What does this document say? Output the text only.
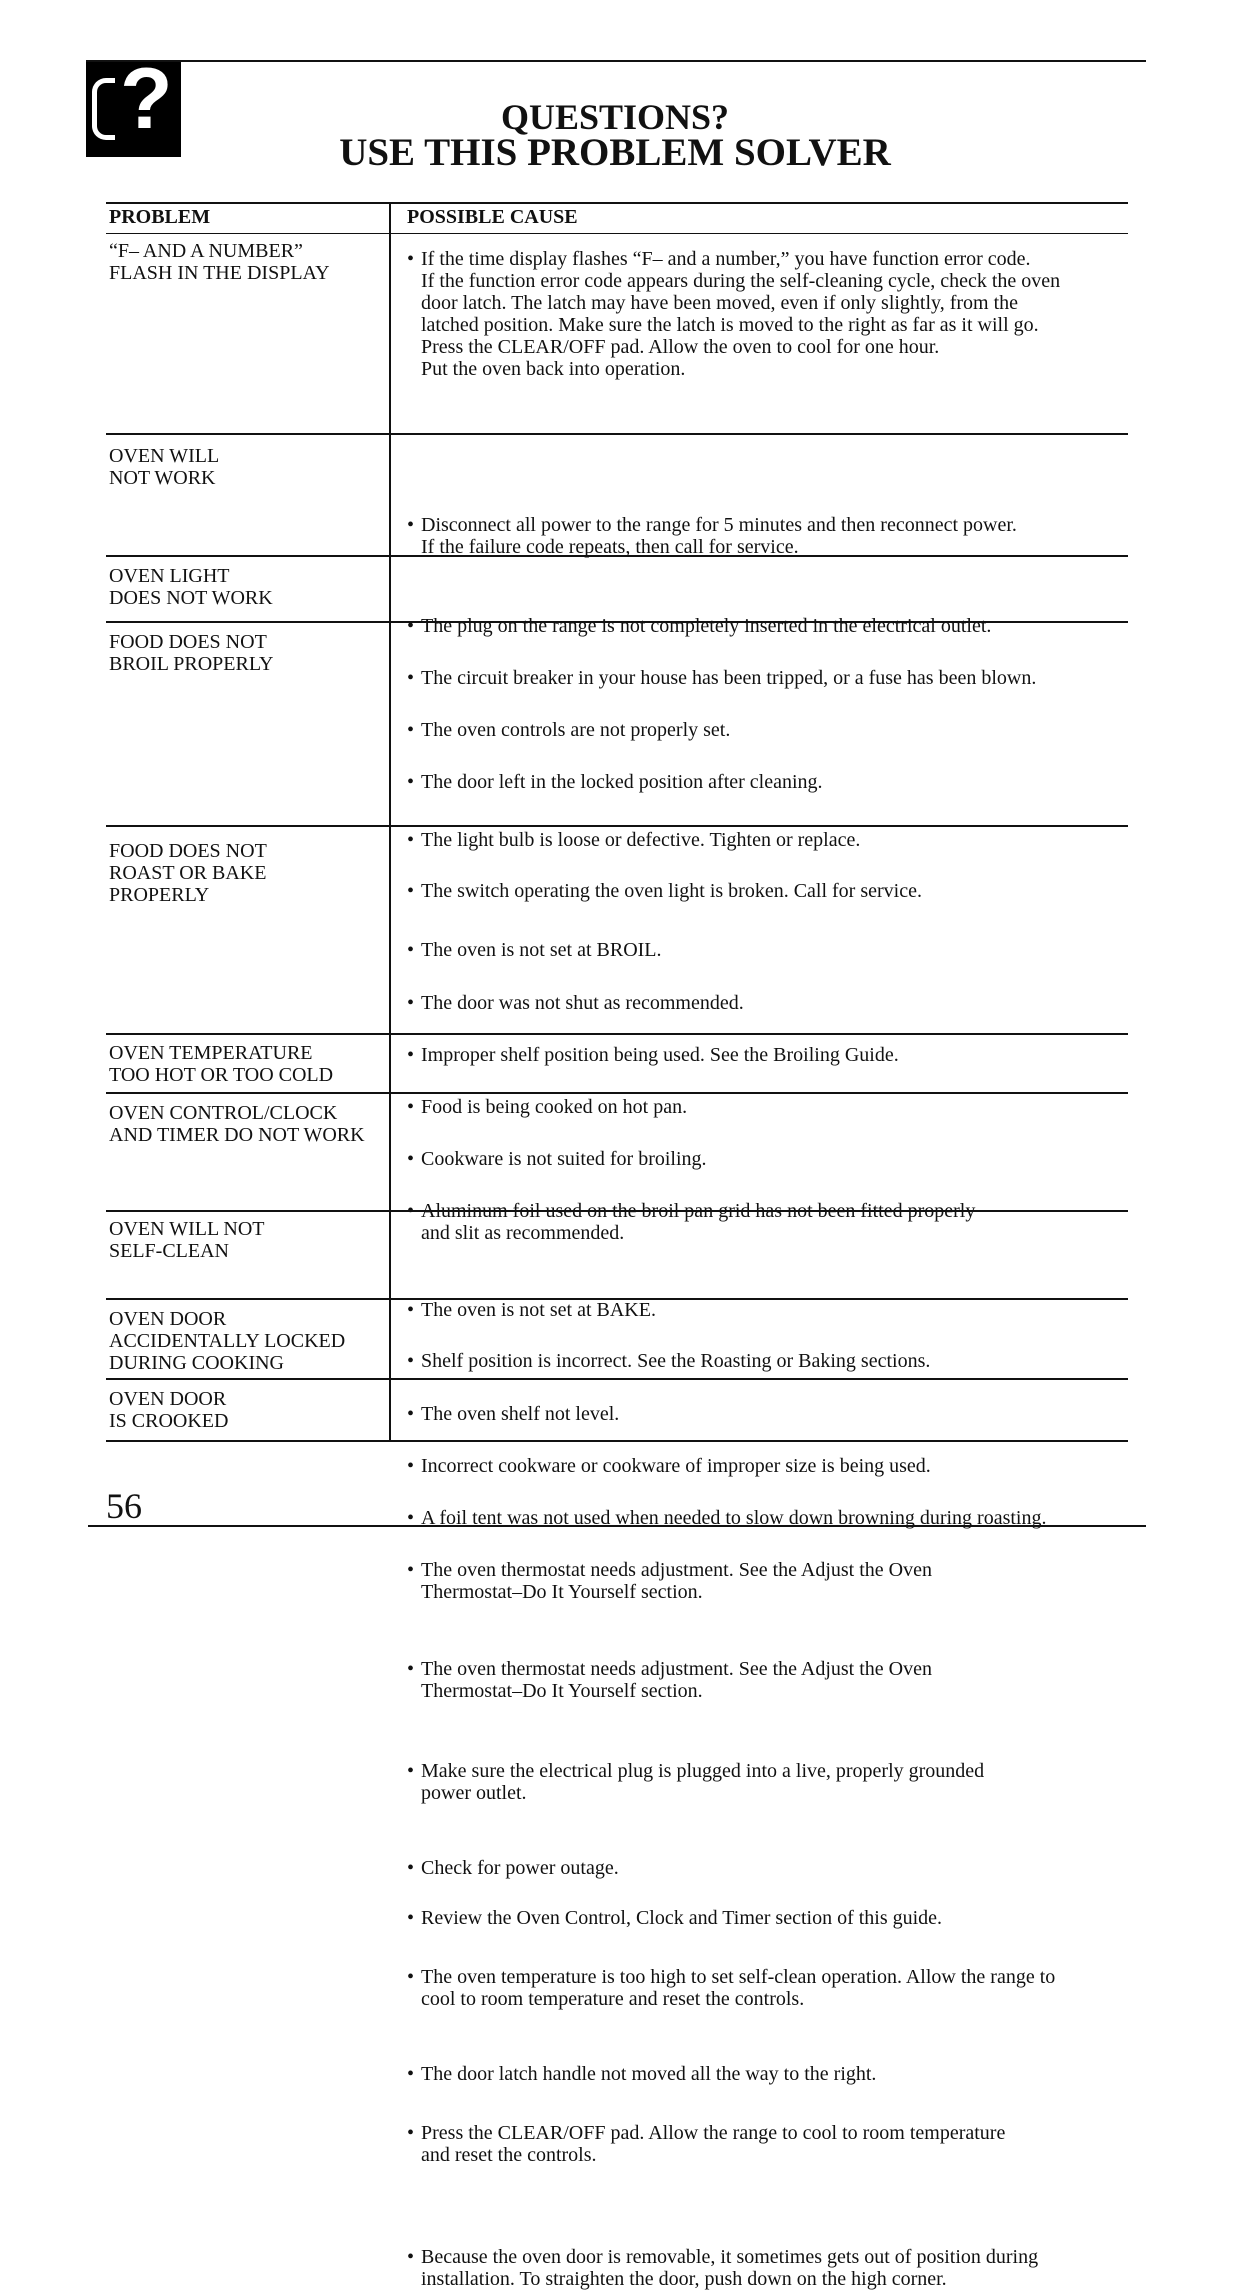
?	QUESTIONS?
USE THIS PROBLEM SOLVER
PROBLEM	POSSIBLE CAUSE
“F– AND A NUMBER”
FLASH IN THE DISPLAY
• If the time display flashes “F– and a number,” you have function error code.
If the function error code appears during the self-cleaning cycle, check the oven
door latch. The latch may have been moved, even if only slightly, from the
latched position. Make sure the latch is moved to the right as far as it will go.
Press the CLEAR/OFF pad. Allow the oven to cool for one hour.
Put the oven back into operation.
• Disconnect all power to the range for 5 minutes and then reconnect power.
If the failure code repeats, then call for service.
OVEN WILL
NOT WORK
• The plug on the range is not completely inserted in the electrical outlet.
• The circuit breaker in your house has been tripped, or a fuse has been blown.
• The oven controls are not properly set.
• The door left in the locked position after cleaning.
OVEN LIGHT
DOES NOT WORK
• The light bulb is loose or defective. Tighten or replace.
• The switch operating the oven light is broken. Call for service.
FOOD DOES NOT
BROIL PROPERLY
• The oven is not set at BROIL.
• The door was not shut as recommended.
• Improper shelf position being used. See the Broiling Guide.
• Food is being cooked on hot pan.
• Cookware is not suited for broiling.
• Aluminum foil used on the broil pan grid has not been fitted properly
and slit as recommended.
FOOD DOES NOT
ROAST OR BAKE
PROPERLY
• The oven is not set at BAKE.
• Shelf position is incorrect. See the Roasting or Baking sections.
• The oven shelf not level.
• Incorrect cookware or cookware of improper size is being used.
• A foil tent was not used when needed to slow down browning during roasting.
• The oven thermostat needs adjustment. See the Adjust the Oven
Thermostat–Do It Yourself section.
OVEN TEMPERATURE
TOO HOT OR TOO COLD
• The oven thermostat needs adjustment. See the Adjust the Oven
Thermostat–Do It Yourself section.
OVEN CONTROL/CLOCK
AND TIMER DO NOT WORK
• Make sure the electrical plug is plugged into a live, properly grounded
power outlet.
• Check for power outage.
• Review the Oven Control, Clock and Timer section of this guide.
OVEN WILL NOT
SELF-CLEAN
• The oven temperature is too high to set self-clean operation. Allow the range to
cool to room temperature and reset the controls.
• The door latch handle not moved all the way to the right.
OVEN DOOR
ACCIDENTALLY LOCKED
DURING COOKING
• Press the CLEAR/OFF pad. Allow the range to cool to room temperature
and reset the controls.
OVEN DOOR
IS CROOKED
• Because the oven door is removable, it sometimes gets out of position during
installation. To straighten the door, push down on the high corner.
56
